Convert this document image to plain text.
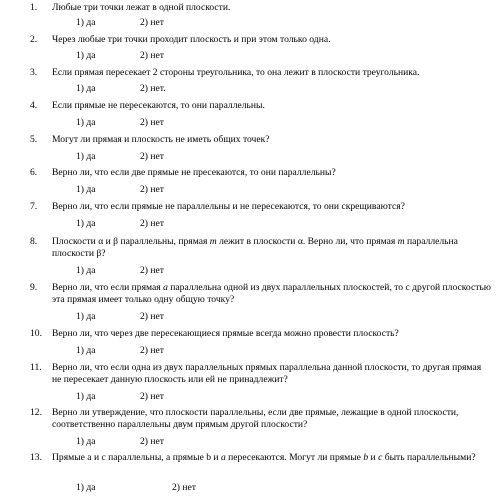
1.	Любые три точки лежат в одной плоскости.
1) да	2) нет
2.	Через любые три точки проходит плоскость и при этом только одна.
1) да	2) нет
3.	Если прямая пересекает 2 стороны треугольника, то она лежит в плоскости треугольника.
1) да	2) нет.
4.	Если прямые не пересекаются, то они параллельны.
1) да	2) нет
5.	Могут ли прямая и плоскость не иметь общих точек?
1) да	2) нет
6.	Верно ли, что если две прямые не пресекаются, то они параллельны?
1) да	2) нет
7.	Верно ли, что если прямые не параллельны и не пересекаются, то они скрещиваются?
1) да	2) нет
8.	Плоскости α и β параллельны, прямая m лежит в плоскости α. Верно ли, что прямая m параллельна плоскости β?
1) да	2) нет
9.	Верно ли, что если прямая a параллельна одной из двух параллельных плоскостей, то с другой плоскостью эта прямая имеет только одну общую точку?
1) да	2) нет
10.	Верно ли, что через две пересекающиеся прямые всегда можно провести плоскость?
1) да	2) нет
11.	Верно ли, что если одна из двух параллельных прямых параллельна данной плоскости, то другая прямая не пересекает данную плоскость или ей не принадлежит?
1) да	2) нет
12.	Верно ли утверждение, что плоскости параллельны, если две прямые, лежащие в одной плоскости, соответственно параллельны двум прямым другой плоскости?
1) да	2) нет
13.	Прямые a и c параллельны, а прямые b и a пересекаются. Могут ли прямые b и c быть параллельными?
1) да	2) нет
